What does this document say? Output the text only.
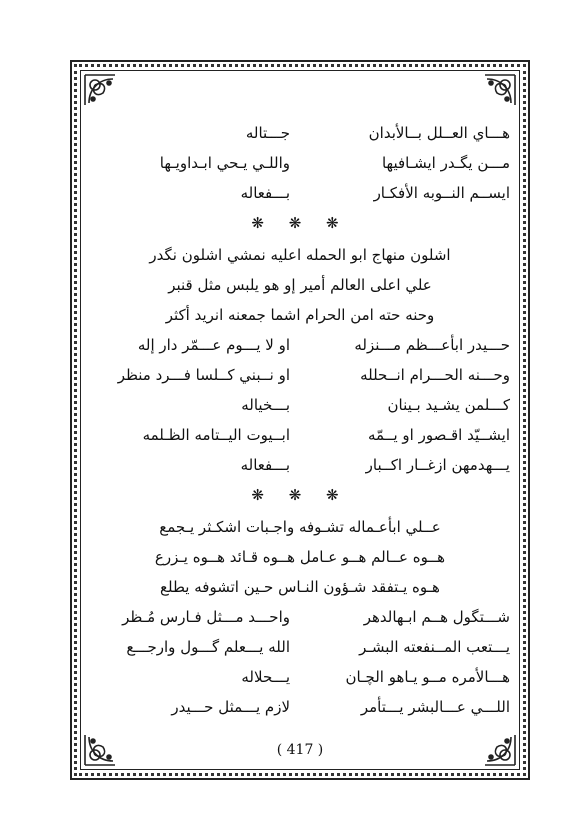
هـــاي العــلل بــالأبدان
جـــتاله
مـــن يگـدر ايشـافيها
واللـي يـحي ابـداويـها
ايســم النــوبه الأفكـار
بـــفعاله
❋ ❋ ❋
اشلون منهاج ابو الحمله اعليه نمشي اشلون نگدر
علي اعلى العالم أمير إو هو يلبس مثل قنبر
وحنه حته امن الحرام اشما جمعنه انريد أكثر
حـــيدر ابأعـــظم مـــنزله
او لا يـــوم عـــمّر دار إله
وحـــنه الحـــرام انــحلله
او نــبني كــلسا فـــرد منظر
كـــلمن يشـيد بـينان
بـــخياله
ايشــيّد اقـصور او يــمّه
ابــيوت اليــتامه الظـلمه
يـــهدمهن ازغــار اكــبار
بـــفعاله
❋ ❋ ❋
عــلي ابأعـماله تشـوفه واجـبات اشكـثر يـجمع
هــوه عــالم هــو عـامل هــوه قـائد هــوه يـزرع
هـوه يـتفقد شـؤون النـاس حـين اتشوفه يطلع
شـــتگول هــم ابـهالدهر
واحـــد مـــثل فـارس مُـظر
يـــتعب المــنفعته البشـر
الله يـــعلم گـــول وارجـــع
هـــالأمره مــو يـاهو الچـان
يـــحلاله
اللـــي عـــالبشر يـــتأمر
لازم يـــمثل حـــيدر
( 417 )
